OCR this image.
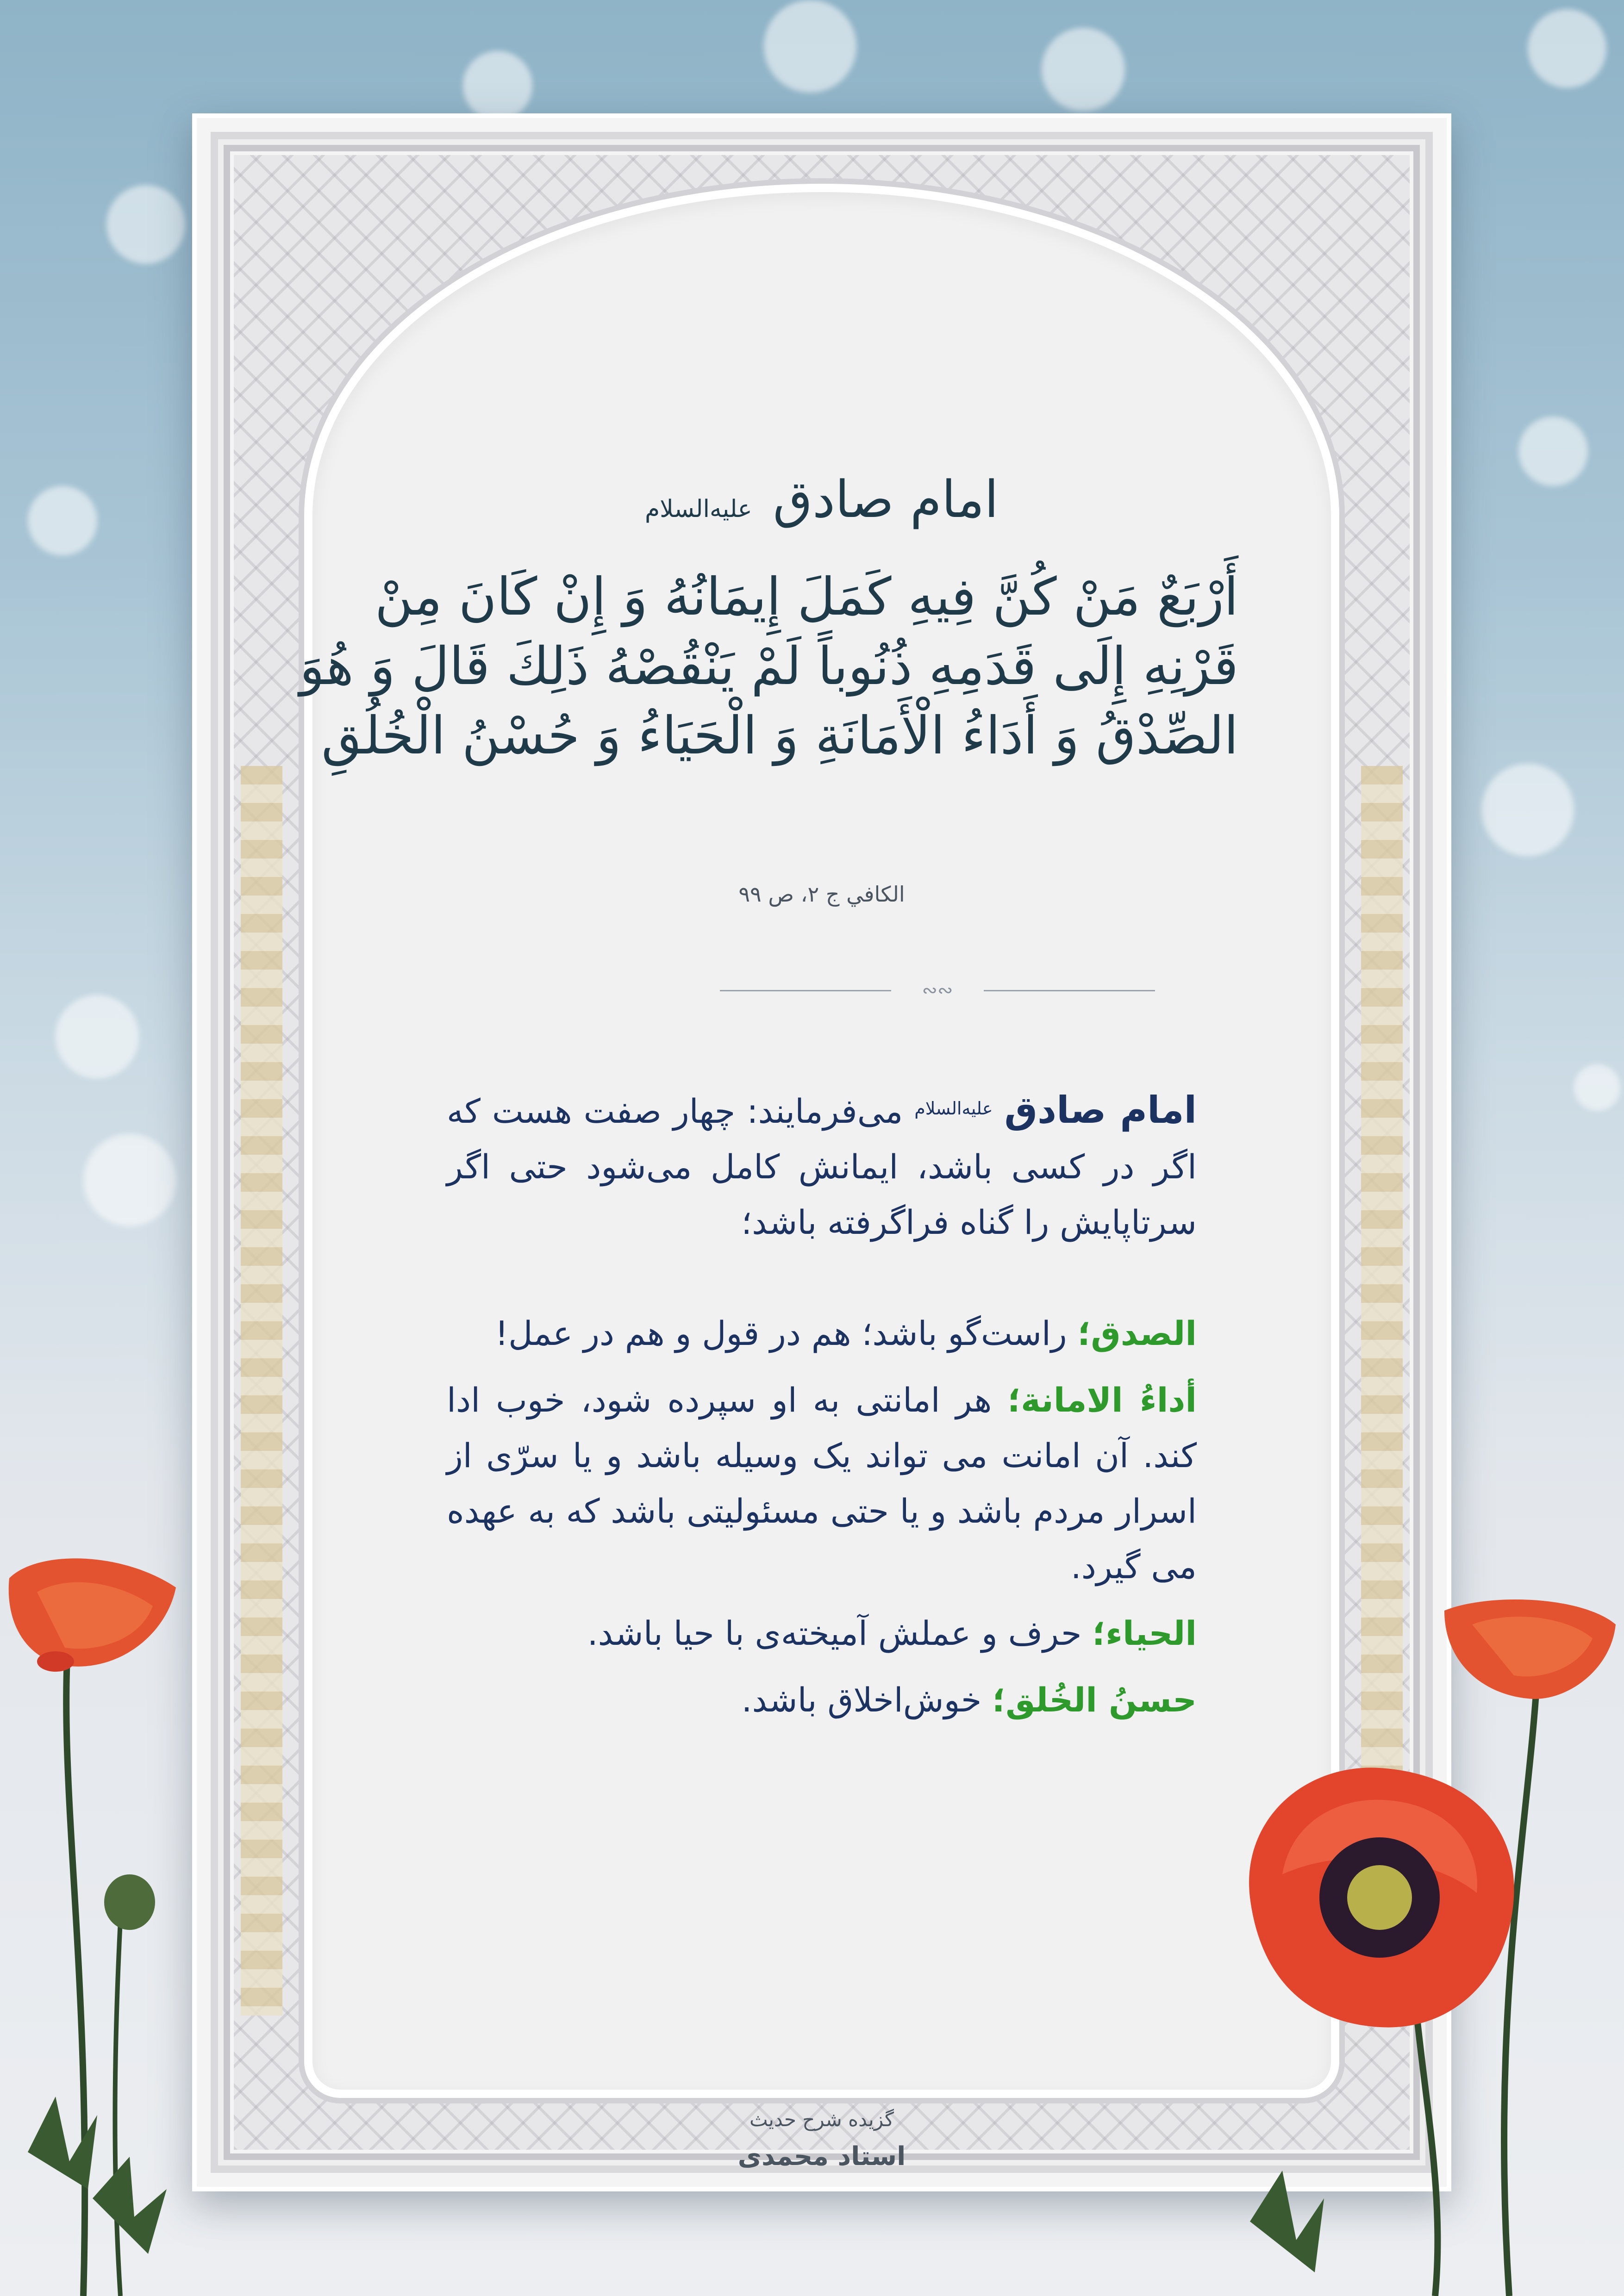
امام صادق علیه‌السلام
أَرْبَعٌ مَنْ كُنَّ فِيهِ كَمَلَ إِيمَانُهُ وَ إِنْ كَانَ مِنْ
قَرْنِهِ إِلَى قَدَمِهِ ذُنُوباً لَمْ يَنْقُصْهُ ذَلِكَ قَالَ وَ هُوَ
الصِّدْقُ وَ أَدَاءُ الْأَمَانَةِ وَ الْحَيَاءُ وَ حُسْنُ الْخُلُقِ
الكافي ج ۲، ص ۹۹
∾∾

امام صادق $^{علیه‌السلام}$ می‌فرمایند: چهار صفت هست که اگر در کسی باشد، ایمانش کامل می‌شود حتی اگر سرتاپایش را گناه فراگرفته باشد؛

الصدق؛ راست‌گو باشد؛ هم در قول و هم در عمل!

أداءُ الامانة؛ هر امانتی به او سپرده شود، خوب ادا کند. آن امانت می تواند یک وسیله باشد و یا سرّی از اسرار مردم باشد و یا حتی مسئولیتی باشد که به عهده می گیرد.

الحیاء؛ حرف و عملش آمیخته‌ی با حیا باشد.

حسنُ الخُلق؛ خوش‌اخلاق باشد.

گزیده شرح حدیث
استاد محمدی
